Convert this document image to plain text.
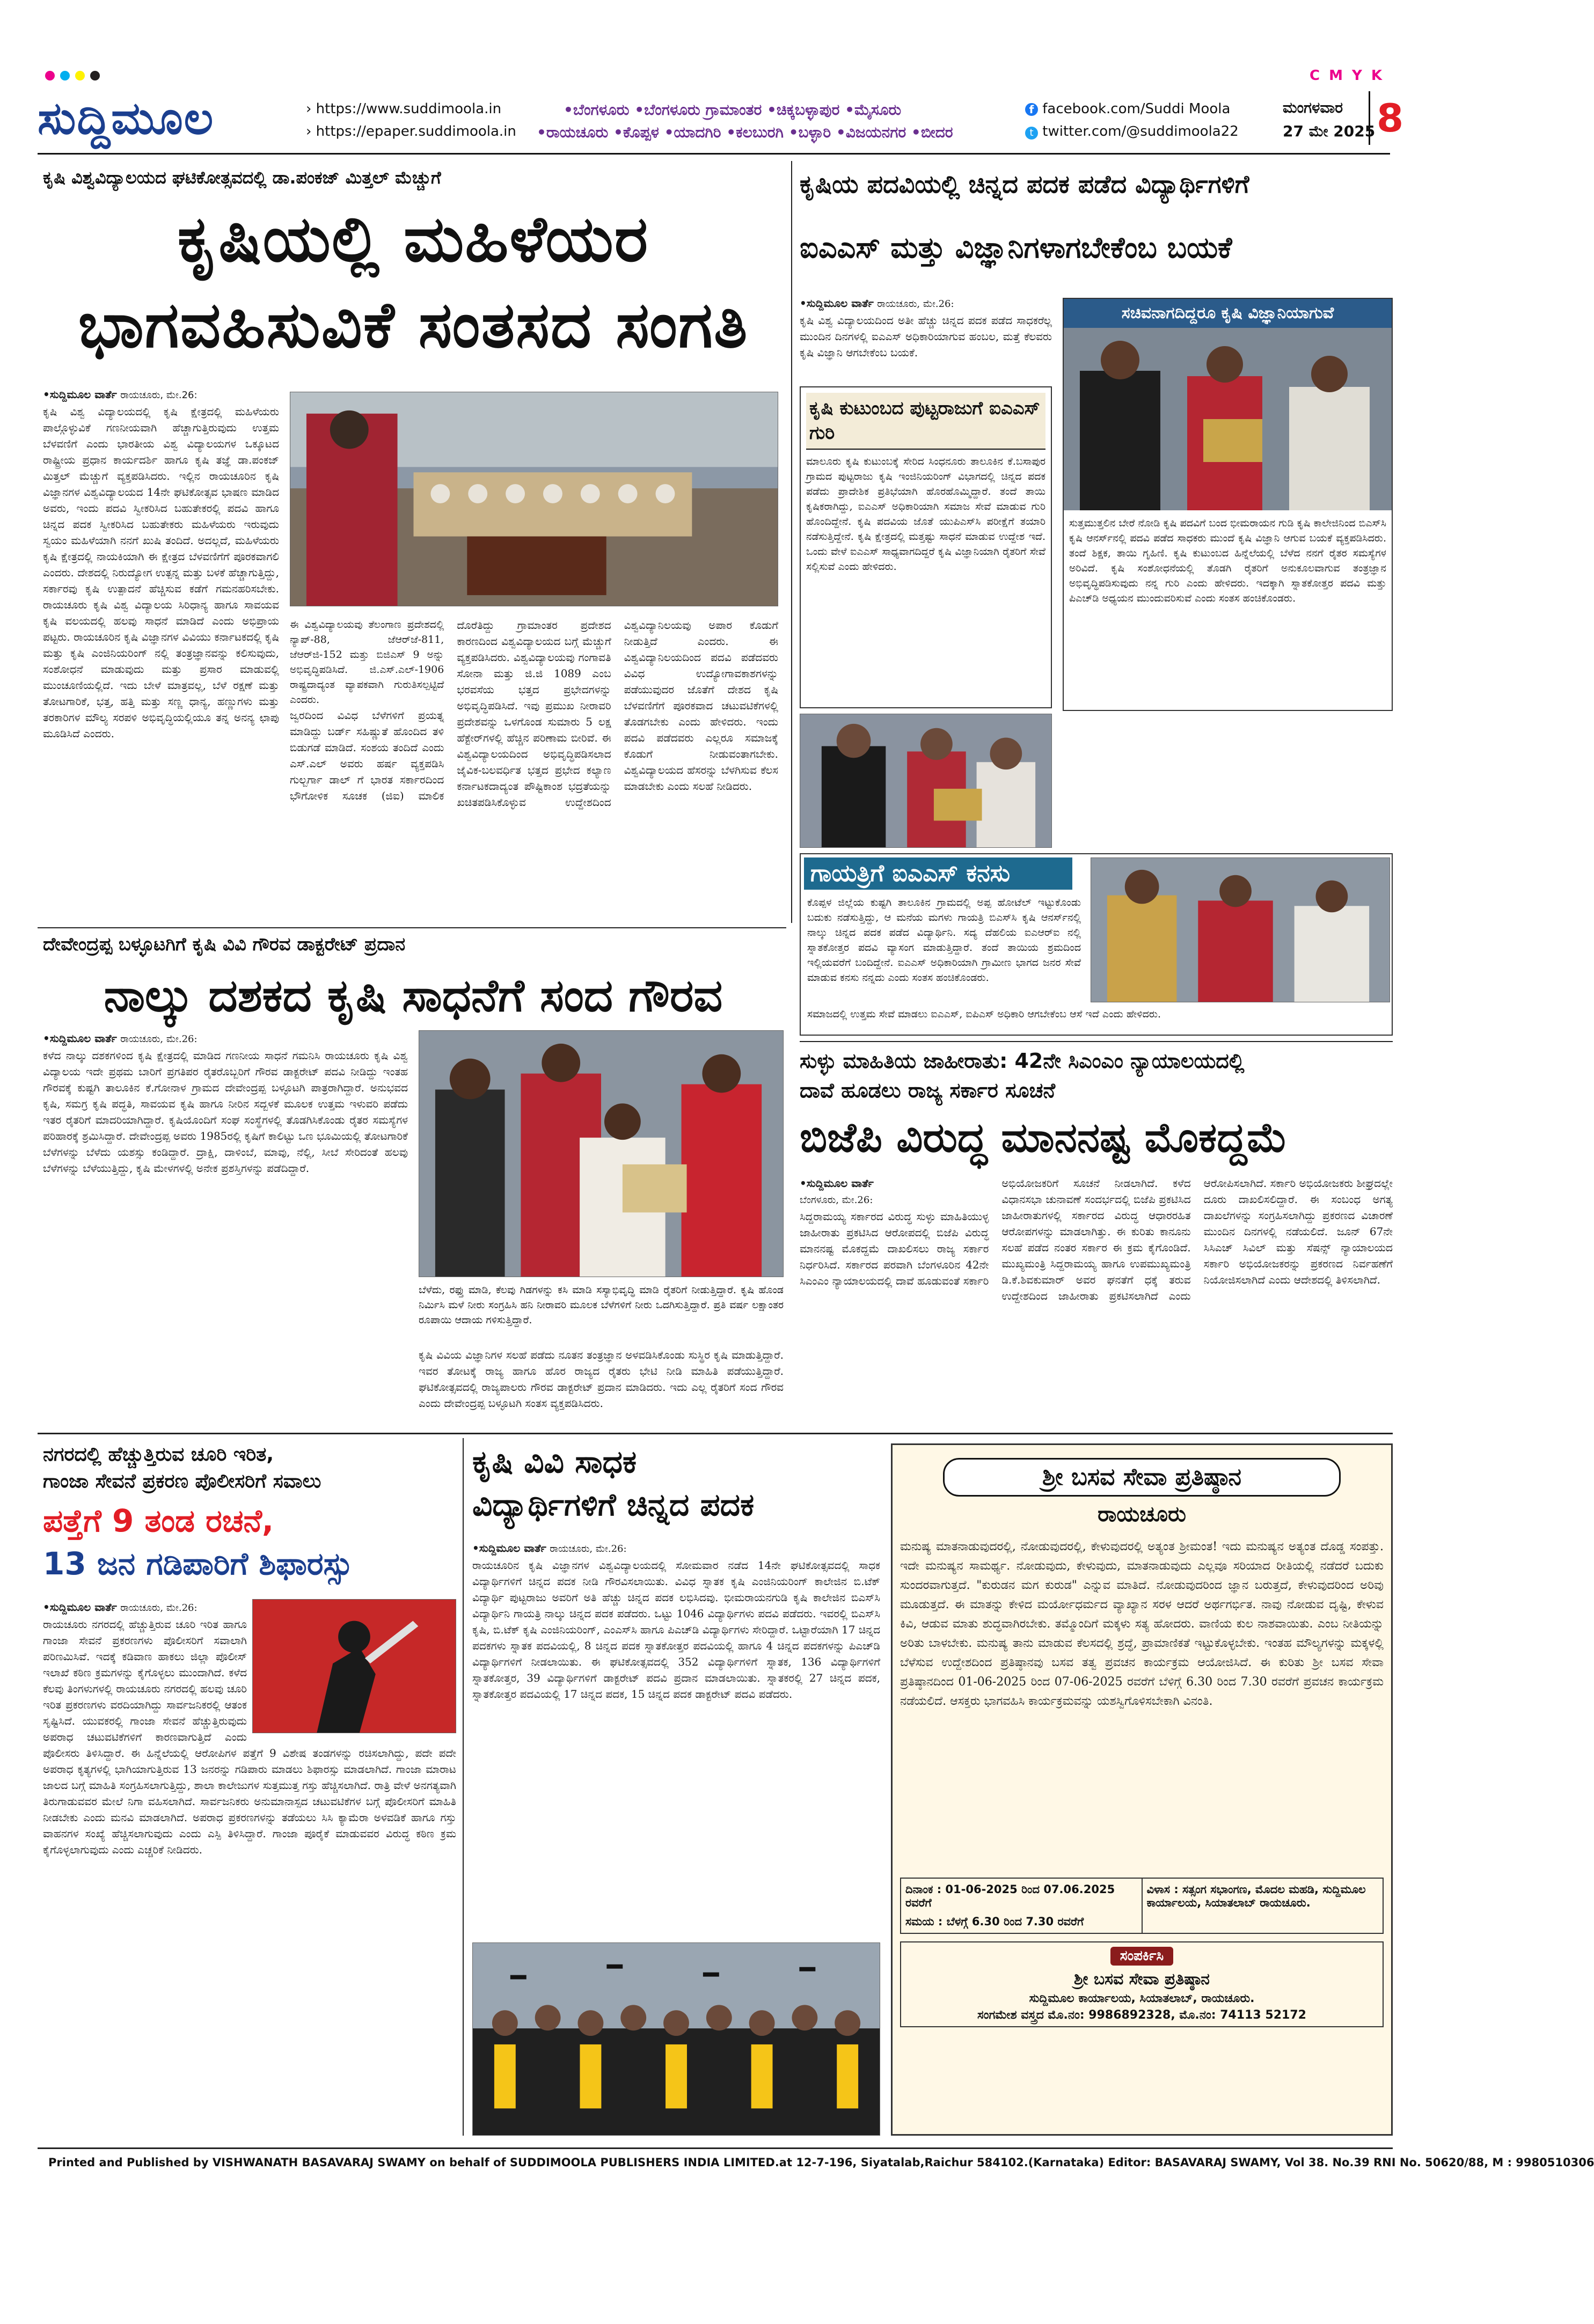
C M Y K
ಸುದ್ದಿಮೂಲ	› https://www.suddimoola.in
› https://epaper.suddimoola.in
•ಬೆಂಗಳೂರು •ಬೆಂಗಳೂರು ಗ್ರಾಮಾಂತರ •ಚಿಕ್ಕಬಳ್ಳಾಪುರ •ಮೈಸೂರು
•ರಾಯಚೂರು •ಕೊಪ್ಪಳ •ಯಾದಗಿರಿ •ಕಲಬುರಗಿ •ಬಳ್ಳಾರಿ •ವಿಜಯನಗರ •ಬೀದರ
f facebook.com/Suddi Moola
t twitter.com/@suddimoola22
ಮಂಗಳವಾರ
27 ಮೇ 2025 8
ಕೃಷಿ ವಿಶ್ವವಿದ್ಯಾಲಯದ ಘಟಿಕೋತ್ಸವದಲ್ಲಿ ಡಾ.ಪಂಕಜ್ ಮಿತ್ತಲ್ ಮೆಚ್ಚುಗೆ
ಕೃಷಿಯಲ್ಲಿ ಮಹಿಳೆಯರ
ಭಾಗವಹಿಸುವಿಕೆ ಸಂತಸದ ಸಂಗತಿ
•ಸುದ್ದಿಮೂಲ ವಾರ್ತೆ ರಾಯಚೂರು, ಮೇ.26:
ಕೃಷಿ ವಿಶ್ವ ವಿದ್ಯಾಲಯದಲ್ಲಿ ಕೃಷಿ ಕ್ಷೇತ್ರದಲ್ಲಿ ಮಹಿಳೆಯರು ಪಾಲ್ಗೊಳ್ಳುವಿಕೆ ಗಣನೀಯವಾಗಿ ಹೆಚ್ಚಾಗುತ್ತಿರುವುದು ಉತ್ತಮ ಬೆಳವಣಿಗೆ ಎಂದು ಭಾರತೀಯ ವಿಶ್ವ ವಿದ್ಯಾಲಯಗಳ ಒಕ್ಕೂಟದ ರಾಷ್ಟ್ರೀಯ ಪ್ರಧಾನ ಕಾರ್ಯದರ್ಶಿ ಹಾಗೂ ಕೃಷಿ ತಜ್ಞೆ ಡಾ.ಪಂಕಜ್ ಮಿತ್ತಲ್ ಮೆಚ್ಚುಗೆ ವ್ಯಕ್ತಪಡಿಸಿದರು. ಇಲ್ಲಿನ ರಾಯಚೂರಿನ ಕೃಷಿ ವಿಜ್ಞಾನಗಳ ವಿಶ್ವವಿದ್ಯಾಲಯದ 14ನೇ ಘಟಿಕೋತ್ಸವ ಭಾಷಣ ಮಾಡಿದ ಅವರು, ಇಂದು ಪದವಿ ಸ್ವೀಕರಿಸಿದ ಬಹುತೇಕರಲ್ಲಿ ಪದವಿ ಹಾಗೂ ಚಿನ್ನದ ಪದಕ ಸ್ವೀಕರಿಸಿದ ಬಹುತೇಕರು ಮಹಿಳೆಯರು ಇರುವುದು ಸ್ವಯಂ ಮಹಿಳೆಯಾಗಿ ನನಗೆ ಖುಷಿ ತಂದಿದೆ. ಅದಲ್ಲದೆ, ಮಹಿಳೆಯರು ಕೃಷಿ ಕ್ಷೇತ್ರದಲ್ಲಿ ನಾಯಕಿಯಾಗಿ ಈ ಕ್ಷೇತ್ರದ ಬೆಳವಣಿಗೆಗೆ ಪೂರಕವಾಗಲಿ ಎಂದರು. ದೇಶದಲ್ಲಿ ನಿರುದ್ಯೋಗ ಉತ್ಪನ್ನ ಮತ್ತು ಬಳಕೆ ಹೆಚ್ಚಾಗುತ್ತಿದ್ದು, ಸರ್ಕಾರವು ಕೃಷಿ ಉತ್ಪಾದನೆ ಹೆಚ್ಚಿಸುವ ಕಡೆಗೆ ಗಮನಹರಿಸಬೇಕು. ರಾಯಚೂರು ಕೃಷಿ ವಿಶ್ವ ವಿದ್ಯಾಲಯ ಸಿರಿಧಾನ್ಯ ಹಾಗೂ ಸಾವಯವ ಕೃಷಿ ವಲಯದಲ್ಲಿ ಹಲವು ಸಾಧನೆ ಮಾಡಿದೆ ಎಂದು ಅಭಿಪ್ರಾಯ ಪಟ್ಟರು. ರಾಯಚೂರಿನ ಕೃಷಿ ವಿಜ್ಞಾನಗಳ ವಿವಿಯು ಕರ್ನಾಟಕದಲ್ಲಿ ಕೃಷಿ ಮತ್ತು ಕೃಷಿ ಎಂಜಿನಿಯರಿಂಗ್ ನಲ್ಲಿ ತಂತ್ರಜ್ಞಾನವನ್ನು ಕಲಿಸುವುದು, ಸಂಶೋಧನೆ ಮಾಡುವುದು ಮತ್ತು ಪ್ರಸಾರ ಮಾಡುವಲ್ಲಿ ಮುಂಚೂಣಿಯಲ್ಲಿದೆ. ಇದು ಬೇಳೆ ಮಾತ್ರವಲ್ಲ, ಬೆಳೆ ರಕ್ಷಣೆ ಮತ್ತು ತೋಟಗಾರಿಕೆ, ಭತ್ತ, ಹತ್ತಿ ಮತ್ತು ಸಣ್ಣ ಧಾನ್ಯ, ಹಣ್ಣುಗಳು ಮತ್ತು ತರಕಾರಿಗಳ ಮೌಲ್ಯ ಸರಪಳಿ ಅಭಿವೃದ್ಧಿಯಲ್ಲಿಯೂ ತನ್ನ ಅನನ್ಯ ಛಾಪು ಮೂಡಿಸಿದೆ ಎಂದರು.
ಈ ವಿಶ್ವವಿದ್ಯಾಲಯವು ತೆಲಂಗಾಣ ಪ್ರದೇಶದಲ್ಲಿ ನ್ಯಾಪ್-88, ಜೆಆರ್‌ಜೆ-811, ಜೆಆರ್‌ಜಿ-152 ಮತ್ತು ಬಿಜಿಎಸ್ 9 ಅನ್ನು ಅಭಿವೃದ್ಧಿಪಡಿಸಿದೆ. ಜಿ.ಎಸ್.ಎಲ್-1906 ರಾಷ್ಟ್ರದಾದ್ಯಂತ ವ್ಯಾಪಕವಾಗಿ ಗುರುತಿಸಲ್ಪಟ್ಟಿದೆ ಎಂದರು.
ಜ್ವರದಿಂದ ವಿವಿಧ ಬೆಳೆಗಳಿಗೆ ಪ್ರಯತ್ನ ಮಾಡಿದ್ದು ಬರ್ಡ್ ಸಹಿಷ್ಣುತೆ ಹೊಂದಿದ ತಳಿ ಬಿಡುಗಡೆ ಮಾಡಿದೆ. ಸಂಶಯ ತಂದಿದೆ ಎಂದು ಎಸ್.ಎಲ್ ಅವರು ಹರ್ಷ ವ್ಯಕ್ತಪಡಿಸಿ ಗುಲ್ಬರ್ಗಾ ಡಾಲ್ ಗೆ ಭಾರತ ಸರ್ಕಾರದಿಂದ ಭೌಗೋಳಿಕ ಸೂಚಕ (ಜಿಐ) ಮಾಲಿಕ ದೊರೆತಿದ್ದು ಗ್ರಾಮಾಂತರ ಪ್ರದೇಶದ ಕಾರಣದಿಂದ ವಿಶ್ವವಿದ್ಯಾಲಯದ ಬಗ್ಗೆ ಮೆಚ್ಚುಗೆ ವ್ಯಕ್ತಪಡಿಸಿದರು. ವಿಶ್ವವಿದ್ಯಾಲಯವು ಗಂಗಾವತಿ ಸೋನಾ ಮತ್ತು ಜಿ.ಜಿ 1089 ಎಂಬ ಭರವಸೆಯ ಭತ್ತದ ಪ್ರಭೇದಗಳನ್ನು ಅಭಿವೃದ್ಧಿಪಡಿಸಿದೆ. ಇವು ಪ್ರಮುಖ ನೀರಾವರಿ ಪ್ರದೇಶವನ್ನು ಒಳಗೊಂಡ ಸುಮಾರು 5 ಲಕ್ಷ ಹೆಕ್ಟೇರ್‌ಗಳಲ್ಲಿ ಹೆಚ್ಚಿನ ಪರಿಣಾಮ ಬೀರಿವೆ. ಈ ವಿಶ್ವವಿದ್ಯಾಲಯದಿಂದ ಅಭಿವೃದ್ಧಿಪಡಿಸಲಾದ ಜೈವಿಕ-ಬಲವರ್ಧಿತ ಭತ್ತದ ಪ್ರಭೇದ ಕಲ್ಯಾಣ ಕರ್ನಾಟಕದಾದ್ಯಂತ ಪೌಷ್ಟಿಕಾಂಶ ಭದ್ರತೆಯನ್ನು ಖಚಿತಪಡಿಸಿಕೊಳ್ಳುವ ಉದ್ದೇಶದಿಂದ ವಿಶ್ವವಿದ್ಯಾನಿಲಯವು ಅಪಾರ ಕೊಡುಗೆ ನೀಡುತ್ತಿದೆ ಎಂದರು. ಈ ವಿಶ್ವವಿದ್ಯಾನಿಲಯದಿಂದ ಪದವಿ ಪಡೆದವರು ವಿವಿಧ ಉದ್ಯೋಗಾವಕಾಶಗಳನ್ನು ಪಡೆಯುವುದರ ಜೊತೆಗೆ ದೇಶದ ಕೃಷಿ ಬೆಳವಣಿಗೆಗೆ ಪೂರಕವಾದ ಚಟುವಟಿಕೆಗಳಲ್ಲಿ ತೊಡಗಬೇಕು ಎಂದು ಹೇಳಿದರು. ಇಂದು ಪದವಿ ಪಡೆದವರು ಎಲ್ಲರೂ ಸಮಾಜಕ್ಕೆ ಕೊಡುಗೆ ನೀಡುವಂತಾಗಬೇಕು. ವಿಶ್ವವಿದ್ಯಾಲಯದ ಹೆಸರನ್ನು ಬೆಳಗಿಸುವ ಕೆಲಸ ಮಾಡಬೇಕು ಎಂದು ಸಲಹೆ ನೀಡಿದರು.
ಕೃಷಿಯ ಪದವಿಯಲ್ಲಿ ಚಿನ್ನದ ಪದಕ ಪಡೆದ ವಿದ್ಯಾರ್ಥಿಗಳಿಗೆ
ಐಎಎಸ್ ಮತ್ತು ವಿಜ್ಞಾನಿಗಳಾಗಬೇಕೆಂಬ ಬಯಕೆ
•ಸುದ್ದಿಮೂಲ ವಾರ್ತೆ ರಾಯಚೂರು, ಮೇ.26:
ಕೃಷಿ ವಿಶ್ವ ವಿದ್ಯಾಲಯದಿಂದ ಅತೀ ಹೆಚ್ಚು ಚಿನ್ನದ ಪದಕ ಪಡೆದ ಸಾಧಕರೆಲ್ಲ ಮುಂದಿನ ದಿನಗಳಲ್ಲಿ ಐಎಎಸ್ ಅಧಿಕಾರಿಯಾಗುವ ಹಂಬಲ, ಮತ್ತೆ ಕೆಲವರು ಕೃಷಿ ವಿಜ್ಞಾನಿ ಆಗಬೇಕೆಂಬ ಬಯಕೆ.
ಕೃಷಿ ಕುಟುಂಬದ ಪುಟ್ಟರಾಜುಗೆ ಐಎಎಸ್ ಗುರಿ
ಮಾಲೂರು ಕೃಷಿ ಕುಟುಂಬಕ್ಕೆ ಸೇರಿದ ಸಿಂಧನೂರು ತಾಲೂಕಿನ ಕೆ.ಬಸಾಪುರ ಗ್ರಾಮದ ಪುಟ್ಟರಾಜು ಕೃಷಿ ಇಂಜಿನಿಯರಿಂಗ್ ವಿಭಾಗದಲ್ಲಿ ಚಿನ್ನದ ಪದಕ ಪಡೆದು ಪ್ರಾದೇಶಿಕ ಪ್ರತಿಭೆಯಾಗಿ ಹೊರಹೊಮ್ಮಿದ್ದಾರೆ. ತಂದೆ ತಾಯಿ ಕೃಷಿಕರಾಗಿದ್ದು, ಐಎಎಸ್ ಅಧಿಕಾರಿಯಾಗಿ ಸಮಾಜ ಸೇವೆ ಮಾಡುವ ಗುರಿ ಹೊಂದಿದ್ದೇನೆ. ಕೃಷಿ ಪದವಿಯ ಜೊತೆ ಯುಪಿಎಸ್‌ಸಿ ಪರೀಕ್ಷೆಗೆ ತಯಾರಿ ನಡೆಸುತ್ತಿದ್ದೇನೆ. ಕೃಷಿ ಕ್ಷೇತ್ರದಲ್ಲಿ ಮತ್ತಷ್ಟು ಸಾಧನೆ ಮಾಡುವ ಉದ್ದೇಶ ಇದೆ. ಒಂದು ವೇಳೆ ಐಎಎಸ್ ಸಾಧ್ಯವಾಗದಿದ್ದರೆ ಕೃಷಿ ವಿಜ್ಞಾನಿಯಾಗಿ ರೈತರಿಗೆ ಸೇವೆ ಸಲ್ಲಿಸುವೆ ಎಂದು ಹೇಳಿದರು.
ಸಚಿವನಾಗದಿದ್ದರೂ ಕೃಷಿ ವಿಜ್ಞಾನಿಯಾಗುವೆ
ಸುತ್ತಮುತ್ತಲಿನ ಬೇರೆ ನೋಡಿ ಕೃಷಿ ಪದವಿಗೆ ಬಂದ ಭೀಮರಾಯನ ಗುಡಿ ಕೃಷಿ ಕಾಲೇಜಿನಿಂದ ಬಿಎಸ್‌ಸಿ ಕೃಷಿ ಆನರ್ಸ್‌ನಲ್ಲಿ ಪದವಿ ಪಡೆದ ಸಾಧಕರು ಮುಂದೆ ಕೃಷಿ ವಿಜ್ಞಾನಿ ಆಗುವ ಬಯಕೆ ವ್ಯಕ್ತಪಡಿಸಿದರು. ತಂದೆ ಶಿಕ್ಷಕ, ತಾಯಿ ಗೃಹಿಣಿ. ಕೃಷಿ ಕುಟುಂಬದ ಹಿನ್ನೆಲೆಯಲ್ಲಿ ಬೆಳೆದ ನನಗೆ ರೈತರ ಸಮಸ್ಯೆಗಳ ಅರಿವಿದೆ. ಕೃಷಿ ಸಂಶೋಧನೆಯಲ್ಲಿ ತೊಡಗಿ ರೈತರಿಗೆ ಅನುಕೂಲವಾಗುವ ತಂತ್ರಜ್ಞಾನ ಅಭಿವೃದ್ಧಿಪಡಿಸುವುದು ನನ್ನ ಗುರಿ ಎಂದು ಹೇಳಿದರು. ಇದಕ್ಕಾಗಿ ಸ್ನಾತಕೋತ್ತರ ಪದವಿ ಮತ್ತು ಪಿಎಚ್‌ಡಿ ಅಧ್ಯಯನ ಮುಂದುವರಿಸುವೆ ಎಂದು ಸಂತಸ ಹಂಚಿಕೊಂಡರು.
ಗಾಯತ್ರಿಗೆ ಐಎಎಸ್ ಕನಸು
ಕೊಪ್ಪಳ ಜಿಲ್ಲೆಯ ಕುಷ್ಟಗಿ ತಾಲೂಕಿನ ಗ್ರಾಮದಲ್ಲಿ ಅಪ್ಪ ಹೋಟೆಲ್ ಇಟ್ಟುಕೊಂಡು ಬದುಕು ನಡೆಸುತ್ತಿದ್ದು, ಆ ಮನೆಯ ಮಗಳು ಗಾಯತ್ರಿ ಬಿಎಸ್‌ಸಿ ಕೃಷಿ ಆನರ್ಸ್‌ನಲ್ಲಿ ನಾಲ್ಕು ಚಿನ್ನದ ಪದಕ ಪಡೆದ ವಿದ್ಯಾರ್ಥಿನಿ. ಸದ್ಯ ದೆಹಲಿಯ ಐಎಆರ್‌ಐ ನಲ್ಲಿ ಸ್ನಾತಕೋತ್ತರ ಪದವಿ ವ್ಯಾಸಂಗ ಮಾಡುತ್ತಿದ್ದಾರೆ. ತಂದೆ ತಾಯಿಯ ಶ್ರಮದಿಂದ ಇಲ್ಲಿಯವರೆಗೆ ಬಂದಿದ್ದೇನೆ. ಐಎಎಸ್ ಅಧಿಕಾರಿಯಾಗಿ ಗ್ರಾಮೀಣ ಭಾಗದ ಜನರ ಸೇವೆ ಮಾಡುವ ಕನಸು ನನ್ನದು ಎಂದು ಸಂತಸ ಹಂಚಿಕೊಂಡರು.
ಸಮಾಜದಲ್ಲಿ ಉತ್ತಮ ಸೇವೆ ಮಾಡಲು ಐಎಎಸ್, ಐಪಿಎಸ್ ಅಧಿಕಾರಿ ಆಗಬೇಕೆಂಬ ಆಸೆ ಇದೆ ಎಂದು ಹೇಳಿದರು.
ದೇವೇಂದ್ರಪ್ಪ ಬಳ್ಳೂಟಗಿಗೆ ಕೃಷಿ ವಿವಿ ಗೌರವ ಡಾಕ್ಟರೇಟ್ ಪ್ರದಾನ
ನಾಲ್ಕು ದಶಕದ ಕೃಷಿ ಸಾಧನೆಗೆ ಸಂದ ಗೌರವ
•ಸುದ್ದಿಮೂಲ ವಾರ್ತೆ ರಾಯಚೂರು, ಮೇ.26:
ಕಳೆದ ನಾಲ್ಕು ದಶಕಗಳಿಂದ ಕೃಷಿ ಕ್ಷೇತ್ರದಲ್ಲಿ ಮಾಡಿದ ಗಣನೀಯ ಸಾಧನೆ ಗಮನಿಸಿ ರಾಯಚೂರು ಕೃಷಿ ವಿಶ್ವ ವಿದ್ಯಾಲಯ ಇದೇ ಪ್ರಥಮ ಬಾರಿಗೆ ಪ್ರಗತಿಪರ ರೈತರೊಬ್ಬರಿಗೆ ಗೌರವ ಡಾಕ್ಟರೇಟ್ ಪದವಿ ನೀಡಿದ್ದು ಇಂತಹ ಗೌರವಕ್ಕೆ ಕುಷ್ಟಗಿ ತಾಲೂಕಿನ ಕೆ.ಗೋನಾಳ ಗ್ರಾಮದ ದೇವೇಂದ್ರಪ್ಪ ಬಳ್ಳೂಟಗಿ ಪಾತ್ರರಾಗಿದ್ದಾರೆ. ಅನುಭವದ ಕೃಷಿ, ಸಮಗ್ರ ಕೃಷಿ ಪದ್ಧತಿ, ಸಾವಯವ ಕೃಷಿ ಹಾಗೂ ನೀರಿನ ಸದ್ಬಳಕೆ ಮೂಲಕ ಉತ್ತಮ ಇಳುವರಿ ಪಡೆದು ಇತರ ರೈತರಿಗೆ ಮಾದರಿಯಾಗಿದ್ದಾರೆ. ಕೃಷಿಯೊಂದಿಗೆ ಸಂಘ ಸಂಸ್ಥೆಗಳಲ್ಲಿ ತೊಡಗಿಸಿಕೊಂಡು ರೈತರ ಸಮಸ್ಯೆಗಳ ಪರಿಹಾರಕ್ಕೆ ಶ್ರಮಿಸಿದ್ದಾರೆ. ದೇವೇಂದ್ರಪ್ಪ ಅವರು 1985ರಲ್ಲಿ ಕೃಷಿಗೆ ಕಾಲಿಟ್ಟು ಒಣ ಭೂಮಿಯಲ್ಲಿ ತೋಟಗಾರಿಕೆ ಬೆಳೆಗಳನ್ನು ಬೆಳೆದು ಯಶಸ್ಸು ಕಂಡಿದ್ದಾರೆ. ದ್ರಾಕ್ಷಿ, ದಾಳಿಂಬೆ, ಮಾವು, ನೆಲ್ಲಿ, ಸೀಬೆ ಸೇರಿದಂತೆ ಹಲವು ಬೆಳೆಗಳನ್ನು ಬೆಳೆಯುತ್ತಿದ್ದು, ಕೃಷಿ ಮೇಳಗಳಲ್ಲಿ ಅನೇಕ ಪ್ರಶಸ್ತಿಗಳನ್ನು ಪಡೆದಿದ್ದಾರೆ.
ಬೆಳೆದು, ರಫ್ತು ಮಾಡಿ, ಕೆಲವು ಗಿಡಗಳನ್ನು ಕಸಿ ಮಾಡಿ ಸಸ್ಯಾಭಿವೃದ್ಧಿ ಮಾಡಿ ರೈತರಿಗೆ ನೀಡುತ್ತಿದ್ದಾರೆ. ಕೃಷಿ ಹೊಂಡ ನಿರ್ಮಿಸಿ ಮಳೆ ನೀರು ಸಂಗ್ರಹಿಸಿ ಹನಿ ನೀರಾವರಿ ಮೂಲಕ ಬೆಳೆಗಳಿಗೆ ನೀರು ಒದಗಿಸುತ್ತಿದ್ದಾರೆ. ಪ್ರತಿ ವರ್ಷ ಲಕ್ಷಾಂತರ ರೂಪಾಯಿ ಆದಾಯ ಗಳಿಸುತ್ತಿದ್ದಾರೆ.
ಕೃಷಿ ವಿವಿಯ ವಿಜ್ಞಾನಿಗಳ ಸಲಹೆ ಪಡೆದು ನೂತನ ತಂತ್ರಜ್ಞಾನ ಅಳವಡಿಸಿಕೊಂಡು ಸುಸ್ಥಿರ ಕೃಷಿ ಮಾಡುತ್ತಿದ್ದಾರೆ. ಇವರ ತೋಟಕ್ಕೆ ರಾಜ್ಯ ಹಾಗೂ ಹೊರ ರಾಜ್ಯದ ರೈತರು ಭೇಟಿ ನೀಡಿ ಮಾಹಿತಿ ಪಡೆಯುತ್ತಿದ್ದಾರೆ. ಘಟಿಕೋತ್ಸವದಲ್ಲಿ ರಾಜ್ಯಪಾಲರು ಗೌರವ ಡಾಕ್ಟರೇಟ್ ಪ್ರದಾನ ಮಾಡಿದರು. ಇದು ಎಲ್ಲ ರೈತರಿಗೆ ಸಂದ ಗೌರವ ಎಂದು ದೇವೇಂದ್ರಪ್ಪ ಬಳ್ಳೂಟಗಿ ಸಂತಸ ವ್ಯಕ್ತಪಡಿಸಿದರು.
ಸುಳ್ಳು ಮಾಹಿತಿಯ ಜಾಹೀರಾತು: 42ನೇ ಸಿಎಂಎಂ ನ್ಯಾಯಾಲಯದಲ್ಲಿ
ದಾವೆ ಹೂಡಲು ರಾಜ್ಯ ಸರ್ಕಾರ ಸೂಚನೆ
ಬಿಜೆಪಿ ವಿರುದ್ಧ ಮಾನನಷ್ಟ ಮೊಕದ್ದಮೆ
•ಸುದ್ದಿಮೂಲ ವಾರ್ತೆ
ಬೆಂಗಳೂರು, ಮೇ.26:
ಸಿದ್ದರಾಮಯ್ಯ ಸರ್ಕಾರದ ವಿರುದ್ಧ ಸುಳ್ಳು ಮಾಹಿತಿಯುಳ್ಳ ಜಾಹೀರಾತು ಪ್ರಕಟಿಸಿದ ಆರೋಪದಲ್ಲಿ ಬಿಜೆಪಿ ವಿರುದ್ಧ ಮಾನನಷ್ಟ ಮೊಕದ್ದಮೆ ದಾಖಲಿಸಲು ರಾಜ್ಯ ಸರ್ಕಾರ ನಿರ್ಧರಿಸಿದೆ. ಸರ್ಕಾರದ ಪರವಾಗಿ ಬೆಂಗಳೂರಿನ 42ನೇ ಸಿಎಂಎಂ ನ್ಯಾಯಾಲಯದಲ್ಲಿ ದಾವೆ ಹೂಡುವಂತೆ ಸರ್ಕಾರಿ ಅಭಿಯೋಜಕರಿಗೆ ಸೂಚನೆ ನೀಡಲಾಗಿದೆ. ಕಳೆದ ವಿಧಾನಸಭಾ ಚುನಾವಣೆ ಸಂದರ್ಭದಲ್ಲಿ ಬಿಜೆಪಿ ಪ್ರಕಟಿಸಿದ ಜಾಹೀರಾತುಗಳಲ್ಲಿ ಸರ್ಕಾರದ ವಿರುದ್ಧ ಆಧಾರರಹಿತ ಆರೋಪಗಳನ್ನು ಮಾಡಲಾಗಿತ್ತು. ಈ ಕುರಿತು ಕಾನೂನು ಸಲಹೆ ಪಡೆದ ನಂತರ ಸರ್ಕಾರ ಈ ಕ್ರಮ ಕೈಗೊಂಡಿದೆ. ಮುಖ್ಯಮಂತ್ರಿ ಸಿದ್ದರಾಮಯ್ಯ ಹಾಗೂ ಉಪಮುಖ್ಯಮಂತ್ರಿ ಡಿ.ಕೆ.ಶಿವಕುಮಾರ್ ಅವರ ಘನತೆಗೆ ಧಕ್ಕೆ ತರುವ ಉದ್ದೇಶದಿಂದ ಜಾಹೀರಾತು ಪ್ರಕಟಿಸಲಾಗಿದೆ ಎಂದು ಆರೋಪಿಸಲಾಗಿದೆ. ಸರ್ಕಾರಿ ಅಭಿಯೋಜಕರು ಶೀಘ್ರದಲ್ಲೇ ದೂರು ದಾಖಲಿಸಲಿದ್ದಾರೆ. ಈ ಸಂಬಂಧ ಅಗತ್ಯ ದಾಖಲೆಗಳನ್ನು ಸಂಗ್ರಹಿಸಲಾಗಿದ್ದು ಪ್ರಕರಣದ ವಿಚಾರಣೆ ಮುಂದಿನ ದಿನಗಳಲ್ಲಿ ನಡೆಯಲಿದೆ. ಜೂನ್ 67ನೇ ಸಿಸಿಎಚ್ ಸಿವಿಲ್ ಮತ್ತು ಸೆಷನ್ಸ್ ನ್ಯಾಯಾಲಯದ ಸರ್ಕಾರಿ ಅಭಿಯೋಜಕರನ್ನು ಪ್ರಕರಣದ ನಿರ್ವಹಣೆಗೆ ನಿಯೋಜಿಸಲಾಗಿದೆ ಎಂದು ಆದೇಶದಲ್ಲಿ ತಿಳಿಸಲಾಗಿದೆ.
ನಗರದಲ್ಲಿ ಹೆಚ್ಚುತ್ತಿರುವ ಚೂರಿ ಇರಿತ,
ಗಾಂಜಾ ಸೇವನೆ ಪ್ರಕರಣ ಪೊಲೀಸರಿಗೆ ಸವಾಲು
ಪತ್ತೆಗೆ 9 ತಂಡ ರಚನೆ,
13 ಜನ ಗಡಿಪಾರಿಗೆ ಶಿಫಾರಸ್ಸು
•ಸುದ್ದಿಮೂಲ ವಾರ್ತೆ ರಾಯಚೂರು, ಮೇ.26:
ರಾಯಚೂರು ನಗರದಲ್ಲಿ ಹೆಚ್ಚುತ್ತಿರುವ ಚೂರಿ ಇರಿತ ಹಾಗೂ ಗಾಂಜಾ ಸೇವನೆ ಪ್ರಕರಣಗಳು ಪೊಲೀಸರಿಗೆ ಸವಾಲಾಗಿ ಪರಿಣಮಿಸಿವೆ. ಇದಕ್ಕೆ ಕಡಿವಾಣ ಹಾಕಲು ಜಿಲ್ಲಾ ಪೊಲೀಸ್ ಇಲಾಖೆ ಕಠಿಣ ಕ್ರಮಗಳನ್ನು ಕೈಗೊಳ್ಳಲು ಮುಂದಾಗಿದೆ. ಕಳೆದ ಕೆಲವು ತಿಂಗಳುಗಳಲ್ಲಿ ರಾಯಚೂರು ನಗರದಲ್ಲಿ ಹಲವು ಚೂರಿ ಇರಿತ ಪ್ರಕರಣಗಳು ವರದಿಯಾಗಿದ್ದು ಸಾರ್ವಜನಿಕರಲ್ಲಿ ಆತಂಕ ಸೃಷ್ಟಿಸಿದೆ. ಯುವಕರಲ್ಲಿ ಗಾಂಜಾ ಸೇವನೆ ಹೆಚ್ಚುತ್ತಿರುವುದು ಅಪರಾಧ ಚಟುವಟಿಕೆಗಳಿಗೆ ಕಾರಣವಾಗುತ್ತಿದೆ ಎಂದು ಪೊಲೀಸರು ತಿಳಿಸಿದ್ದಾರೆ. ಈ ಹಿನ್ನೆಲೆಯಲ್ಲಿ ಆರೋಪಿಗಳ ಪತ್ತೆಗೆ 9 ವಿಶೇಷ ತಂಡಗಳನ್ನು ರಚಿಸಲಾಗಿದ್ದು, ಪದೇ ಪದೇ ಅಪರಾಧ ಕೃತ್ಯಗಳಲ್ಲಿ ಭಾಗಿಯಾಗುತ್ತಿರುವ 13 ಜನರನ್ನು ಗಡಿಪಾರು ಮಾಡಲು ಶಿಫಾರಸ್ಸು ಮಾಡಲಾಗಿದೆ. ಗಾಂಜಾ ಮಾರಾಟ ಜಾಲದ ಬಗ್ಗೆ ಮಾಹಿತಿ ಸಂಗ್ರಹಿಸಲಾಗುತ್ತಿದ್ದು, ಶಾಲಾ ಕಾಲೇಜುಗಳ ಸುತ್ತಮುತ್ತ ಗಸ್ತು ಹೆಚ್ಚಿಸಲಾಗಿದೆ. ರಾತ್ರಿ ವೇಳೆ ಅನಗತ್ಯವಾಗಿ ತಿರುಗಾಡುವವರ ಮೇಲೆ ನಿಗಾ ವಹಿಸಲಾಗಿದೆ. ಸಾರ್ವಜನಿಕರು ಅನುಮಾನಾಸ್ಪದ ಚಟುವಟಿಕೆಗಳ ಬಗ್ಗೆ ಪೊಲೀಸರಿಗೆ ಮಾಹಿತಿ ನೀಡಬೇಕು ಎಂದು ಮನವಿ ಮಾಡಲಾಗಿದೆ. ಅಪರಾಧ ಪ್ರಕರಣಗಳನ್ನು ತಡೆಯಲು ಸಿಸಿ ಕ್ಯಾಮೆರಾ ಅಳವಡಿಕೆ ಹಾಗೂ ಗಸ್ತು ವಾಹನಗಳ ಸಂಖ್ಯೆ ಹೆಚ್ಚಿಸಲಾಗುವುದು ಎಂದು ಎಸ್ಪಿ ತಿಳಿಸಿದ್ದಾರೆ. ಗಾಂಜಾ ಪೂರೈಕೆ ಮಾಡುವವರ ವಿರುದ್ಧ ಕಠಿಣ ಕ್ರಮ ಕೈಗೊಳ್ಳಲಾಗುವುದು ಎಂದು ಎಚ್ಚರಿಕೆ ನೀಡಿದರು.
ಕೃಷಿ ವಿವಿ ಸಾಧಕ
ವಿದ್ಯಾರ್ಥಿಗಳಿಗೆ ಚಿನ್ನದ ಪದಕ
•ಸುದ್ದಿಮೂಲ ವಾರ್ತೆ ರಾಯಚೂರು, ಮೇ.26:
ರಾಯಚೂರಿನ ಕೃಷಿ ವಿಜ್ಞಾನಗಳ ವಿಶ್ವವಿದ್ಯಾಲಯದಲ್ಲಿ ಸೋಮವಾರ ನಡೆದ 14ನೇ ಘಟಿಕೋತ್ಸವದಲ್ಲಿ ಸಾಧಕ ವಿದ್ಯಾರ್ಥಿಗಳಿಗೆ ಚಿನ್ನದ ಪದಕ ನೀಡಿ ಗೌರವಿಸಲಾಯಿತು. ವಿವಿಧ ಸ್ನಾತಕ ಕೃಷಿ ಎಂಜಿನಿಯರಿಂಗ್ ಕಾಲೇಜಿನ ಬಿ.ಟೆಕ್ ವಿದ್ಯಾರ್ಥಿ ಪುಟ್ಟರಾಜು ಅವರಿಗೆ ಅತಿ ಹೆಚ್ಚು ಚಿನ್ನದ ಪದಕ ಲಭಿಸಿದವು. ಭೀಮರಾಯನಗುಡಿ ಕೃಷಿ ಕಾಲೇಜಿನ ಬಿಎಸ್‌ಸಿ ವಿದ್ಯಾರ್ಥಿನಿ ಗಾಯತ್ರಿ ನಾಲ್ಕು ಚಿನ್ನದ ಪದಕ ಪಡೆದರು. ಒಟ್ಟು 1046 ವಿದ್ಯಾರ್ಥಿಗಳು ಪದವಿ ಪಡೆದರು. ಇವರಲ್ಲಿ ಬಿಎಸ್‌ಸಿ ಕೃಷಿ, ಬಿ.ಟೆಕ್ ಕೃಷಿ ಎಂಜಿನಿಯರಿಂಗ್, ಎಂಎಸ್‌ಸಿ ಹಾಗೂ ಪಿಎಚ್‌ಡಿ ವಿದ್ಯಾರ್ಥಿಗಳು ಸೇರಿದ್ದಾರೆ. ಒಟ್ಟಾರೆಯಾಗಿ 17 ಚಿನ್ನದ ಪದಕಗಳು ಸ್ನಾತಕ ಪದವಿಯಲ್ಲಿ, 8 ಚಿನ್ನದ ಪದಕ ಸ್ನಾತಕೋತ್ತರ ಪದವಿಯಲ್ಲಿ ಹಾಗೂ 4 ಚಿನ್ನದ ಪದಕಗಳನ್ನು ಪಿಎಚ್‌ಡಿ ವಿದ್ಯಾರ್ಥಿಗಳಿಗೆ ನೀಡಲಾಯಿತು. ಈ ಘಟಿಕೋತ್ಸವದಲ್ಲಿ 352 ವಿದ್ಯಾರ್ಥಿಗಳಿಗೆ ಸ್ನಾತಕ, 136 ವಿದ್ಯಾರ್ಥಿಗಳಿಗೆ ಸ್ನಾತಕೋತ್ತರ, 39 ವಿದ್ಯಾರ್ಥಿಗಳಿಗೆ ಡಾಕ್ಟರೇಟ್ ಪದವಿ ಪ್ರದಾನ ಮಾಡಲಾಯಿತು. ಸ್ನಾತಕರಲ್ಲಿ 27 ಚಿನ್ನದ ಪದಕ, ಸ್ನಾತಕೋತ್ತರ ಪದವಿಯಲ್ಲಿ 17 ಚಿನ್ನದ ಪದಕ, 15 ಚಿನ್ನದ ಪದಕ ಡಾಕ್ಟರೇಟ್ ಪದವಿ ಪಡೆದರು.
ಶ್ರೀ ಬಸವ ಸೇವಾ ಪ್ರತಿಷ್ಠಾನ
ರಾಯಚೂರು
ಮನುಷ್ಯ ಮಾತನಾಡುವುದರಲ್ಲಿ, ನೋಡುವುದರಲ್ಲಿ, ಕೇಳುವುದರಲ್ಲಿ ಅತ್ಯಂತ ಶ್ರೀಮಂತ! ಇದು ಮನುಷ್ಯನ ಅತ್ಯಂತ ದೊಡ್ಡ ಸಂಪತ್ತು. ಇದೇ ಮನುಷ್ಯನ ಸಾಮರ್ಥ್ಯ. ನೋಡುವುದು, ಕೇಳುವುದು, ಮಾತನಾಡುವುದು ಎಲ್ಲವೂ ಸರಿಯಾದ ರೀತಿಯಲ್ಲಿ ನಡೆದರೆ ಬದುಕು ಸುಂದರವಾಗುತ್ತದೆ. "ಕುರುಡನ ಮಗ ಕುರುಡ" ಎನ್ನುವ ಮಾತಿದೆ. ನೋಡುವುದರಿಂದ ಜ್ಞಾನ ಬರುತ್ತದೆ, ಕೇಳುವುದರಿಂದ ಅರಿವು ಮೂಡುತ್ತದೆ. ಈ ಮಾತನ್ನು ಕೇಳಿದ ಮರ್ಯೋಧರ್ಮದ ವ್ಯಾಖ್ಯಾನ ಸರಳ ಆದರೆ ಅರ್ಥಗರ್ಭಿತ. ನಾವು ನೋಡುವ ದೃಷ್ಟಿ, ಕೇಳುವ ಕಿವಿ, ಆಡುವ ಮಾತು ಶುದ್ಧವಾಗಿರಬೇಕು. ತಮ್ಮೊಂದಿಗೆ ಮಕ್ಕಳು ಸತ್ಯ ಹೋದರು. ವಾಣಿಯ ಕುಲ ನಾಶವಾಯಿತು. ಎಂಬ ನೀತಿಯನ್ನು ಅರಿತು ಬಾಳಬೇಕು. ಮನುಷ್ಯ ತಾನು ಮಾಡುವ ಕೆಲಸದಲ್ಲಿ ಶ್ರದ್ಧೆ, ಪ್ರಾಮಾಣಿಕತೆ ಇಟ್ಟುಕೊಳ್ಳಬೇಕು. ಇಂತಹ ಮೌಲ್ಯಗಳನ್ನು ಮಕ್ಕಳಲ್ಲಿ ಬೆಳೆಸುವ ಉದ್ದೇಶದಿಂದ ಪ್ರತಿಷ್ಠಾನವು ಬಸವ ತತ್ವ ಪ್ರವಚನ ಕಾರ್ಯಕ್ರಮ ಆಯೋಜಿಸಿದೆ. ಈ ಕುರಿತು ಶ್ರೀ ಬಸವ ಸೇವಾ ಪ್ರತಿಷ್ಠಾನದಿಂದ 01-06-2025 ರಿಂದ 07-06-2025 ರವರೆಗೆ ಬೆಳಿಗ್ಗೆ 6.30 ರಿಂದ 7.30 ರವರೆಗೆ ಪ್ರವಚನ ಕಾರ್ಯಕ್ರಮ ನಡೆಯಲಿದೆ. ಆಸಕ್ತರು ಭಾಗವಹಿಸಿ ಕಾರ್ಯಕ್ರಮವನ್ನು ಯಶಸ್ವಿಗೊಳಿಸಬೇಕಾಗಿ ವಿನಂತಿ.
ದಿನಾಂಕ : 01-06-2025 ರಿಂದ 07.06.2025 ರವರೆಗೆ
ಸಮಯ : ಬೆಳಗ್ಗೆ 6.30 ರಿಂದ 7.30 ರವರೆಗೆ
ವಿಳಾಸ : ಸತ್ಸಂಗ ಸಭಾಂಗಣ, ಮೊದಲ ಮಹಡಿ, ಸುದ್ದಿಮೂಲ ಕಾರ್ಯಾಲಯ, ಸಿಯಾತಲಾಬ್ ರಾಯಚೂರು.
ಸಂಪರ್ಕಿಸಿ
ಶ್ರೀ ಬಸವ ಸೇವಾ ಪ್ರತಿಷ್ಠಾನ
ಸುದ್ದಿಮೂಲ ಕಾರ್ಯಾಲಯ, ಸಿಯಾತಲಾಬ್, ರಾಯಚೂರು.
ಸಂಗಮೇಶ ವಸ್ತ್ರದ ಮೊ.ನಂ: 9986892328, ಮೊ.ನಂ: 74113 52172
Printed and Published by VISHWANATH BASAVARAJ SWAMY on behalf of SUDDIMOOLA PUBLISHERS INDIA LIMITED.at 12-7-196, Siyatalab,Raichur 584102.(Karnataka) Editor: BASAVARAJ SWAMY, Vol 38. No.39 RNI No. 50620/88, M : 9980510306
